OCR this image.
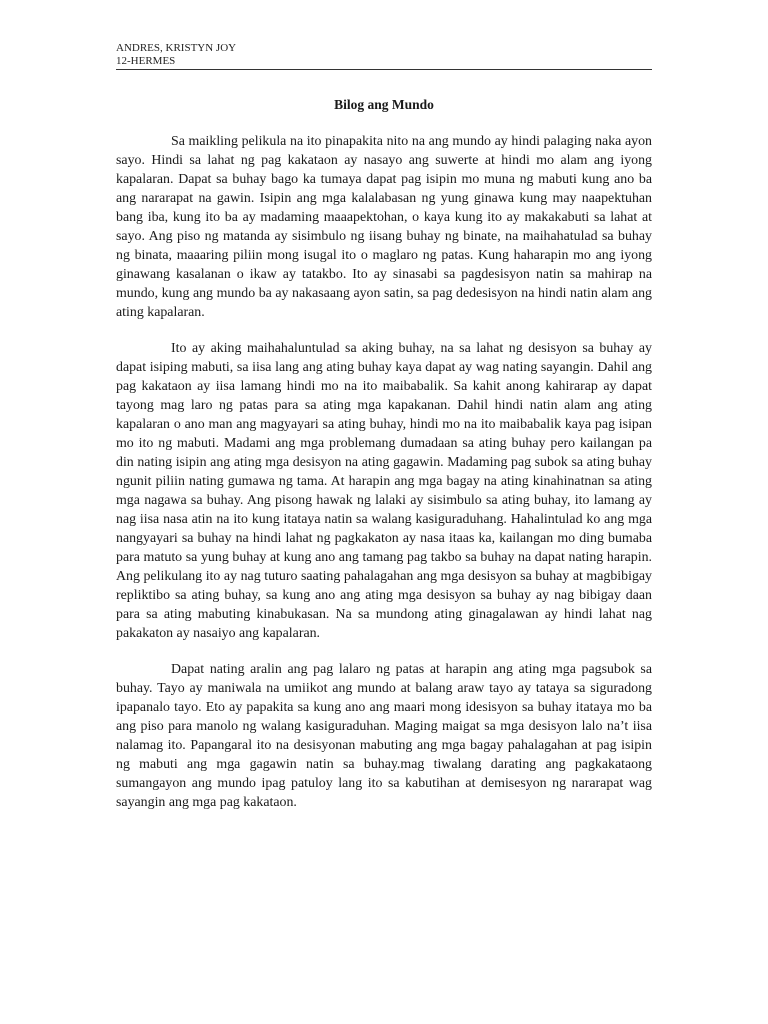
ANDRES, KRISTYN JOY
12-HERMES
Bilog ang Mundo

Sa maikling pelikula na ito pinapakita nito na ang mundo ay hindi palaging naka ayon sayo. Hindi sa lahat ng pag kakataon ay nasayo ang suwerte at hindi mo alam ang iyong kapalaran. Dapat sa buhay bago ka tumaya dapat pag isipin mo muna ng mabuti kung ano ba ang nararapat na gawin. Isipin ang mga kalalabasan ng yung ginawa kung may naapektuhan bang iba, kung ito ba ay madaming maaapektohan, o kaya kung ito ay makakabuti sa lahat at sayo. Ang piso ng matanda ay sisimbulo ng iisang buhay ng binate, na maihahatulad sa buhay ng binata, maaaring piliin mong isugal ito o maglaro ng patas. Kung haharapin mo ang iyong ginawang kasalanan o ikaw ay tatakbo. Ito ay sinasabi sa pagdesisyon natin sa mahirap na mundo, kung ang mundo ba ay nakasaang ayon satin, sa pag dedesisyon na hindi natin alam ang ating kapalaran.

Ito ay aking maihahaluntulad sa aking buhay, na sa lahat ng desisyon sa buhay ay dapat isiping mabuti, sa iisa lang ang ating buhay kaya dapat ay wag nating sayangin. Dahil ang pag kakataon ay iisa lamang hindi mo na ito maibabalik. Sa kahit anong kahirarap ay dapat tayong mag laro ng patas para sa ating mga kapakanan. Dahil hindi natin alam ang ating kapalaran o ano man ang magyayari sa ating buhay, hindi mo na ito maibabalik kaya pag isipan mo ito ng mabuti. Madami ang mga problemang dumadaan sa ating buhay pero kailangan pa din nating isipin ang ating mga desisyon na ating gagawin. Madaming pag subok sa ating buhay ngunit piliin nating gumawa ng tama. At harapin ang mga bagay na ating kinahinatnan sa ating mga nagawa sa buhay. Ang pisong hawak ng lalaki ay sisimbulo sa ating buhay, ito lamang ay nag iisa nasa atin na ito kung itataya natin sa walang kasiguraduhang. Hahalintulad ko ang mga nangyayari sa buhay na hindi lahat ng pagkakaton ay nasa itaas ka, kailangan mo ding bumaba para matuto sa yung buhay at kung ano ang tamang pag takbo sa buhay na dapat nating harapin. Ang pelikulang ito ay nag tuturo saating pahalagahan ang mga desisyon sa buhay at magbibigay repliktibo sa ating buhay, sa kung ano ang ating mga desisyon sa buhay ay nag bibigay daan para sa ating mabuting kinabukasan. Na sa mundong ating ginagalawan ay hindi lahat nag pakakaton ay nasaiyo ang kapalaran.

Dapat nating aralin ang pag lalaro ng patas at harapin ang ating mga pagsubok sa buhay. Tayo ay maniwala na umiikot ang mundo at balang araw tayo ay tataya sa siguradong ipapanalo tayo. Eto ay papakita sa kung ano ang maari mong idesisyon sa buhay itataya mo ba ang piso para manolo ng walang kasiguraduhan. Maging maigat sa mga desisyon lalo na’t iisa nalamag ito. Papangaral ito na desisyonan mabuting ang mga bagay pahalagahan at pag isipin ng mabuti ang mga gagawin natin sa buhay.mag tiwalang darating ang pagkakataong sumangayon ang mundo ipag patuloy lang ito sa kabutihan at demisesyon ng nararapat wag sayangin ang mga pag kakataon.
